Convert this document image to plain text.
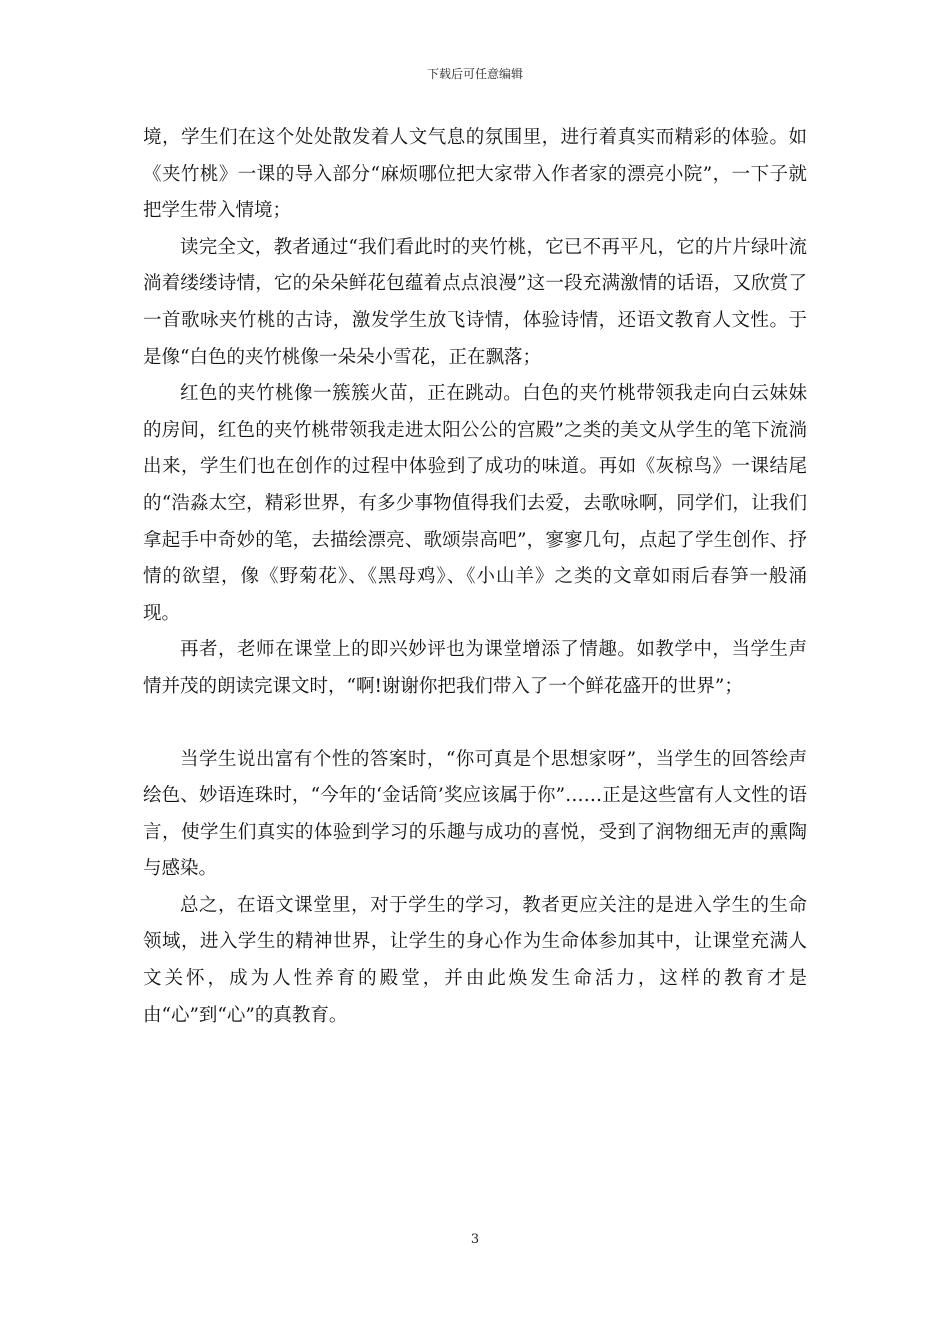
下载后可任意编辑

境，学生们在这个处处散发着人文气息的氛围里，进行着真实而精彩的体验。如《夹竹桃》一课的导入部分“麻烦哪位把大家带入作者家的漂亮小院”，一下子就把学生带入情境；

读完全文，教者通过“我们看此时的夹竹桃，它已不再平凡，它的片片绿叶流淌着缕缕诗情，它的朵朵鲜花包蕴着点点浪漫”这一段充满激情的话语，又欣赏了一首歌咏夹竹桃的古诗，激发学生放飞诗情，体验诗情，还语文教育人文性。于是像“白色的夹竹桃像一朵朵小雪花，正在飘落；

红色的夹竹桃像一簇簇火苗，正在跳动。白色的夹竹桃带领我走向白云妹妹的房间，红色的夹竹桃带领我走进太阳公公的宫殿”之类的美文从学生的笔下流淌出来，学生们也在创作的过程中体验到了成功的味道。再如《灰椋鸟》一课结尾的“浩淼太空，精彩世界，有多少事物值得我们去爱，去歌咏啊，同学们，让我们拿起手中奇妙的笔，去描绘漂亮、歌颂崇高吧”，寥寥几句，点起了学生创作、抒情的欲望，像《野菊花》、《黑母鸡》、《小山羊》之类的文章如雨后春笋一般涌现。

再者，老师在课堂上的即兴妙评也为课堂增添了情趣。如教学中，当学生声情并茂的朗读完课文时，“啊!谢谢你把我们带入了一个鲜花盛开的世界”；

当学生说出富有个性的答案时，“你可真是个思想家呀”，当学生的回答绘声绘色、妙语连珠时，“今年的‘金话筒’奖应该属于你”……正是这些富有人文性的语言，使学生们真实的体验到学习的乐趣与成功的喜悦，受到了润物细无声的熏陶与感染。

总之，在语文课堂里，对于学生的学习，教者更应关注的是进入学生的生命领域，进入学生的精神世界，让学生的身心作为生命体参加其中，让课堂充满人文关怀，成为人性养育的殿堂，并由此焕发生命活力，这样的教育才是由“心”到“心”的真教育。

3
